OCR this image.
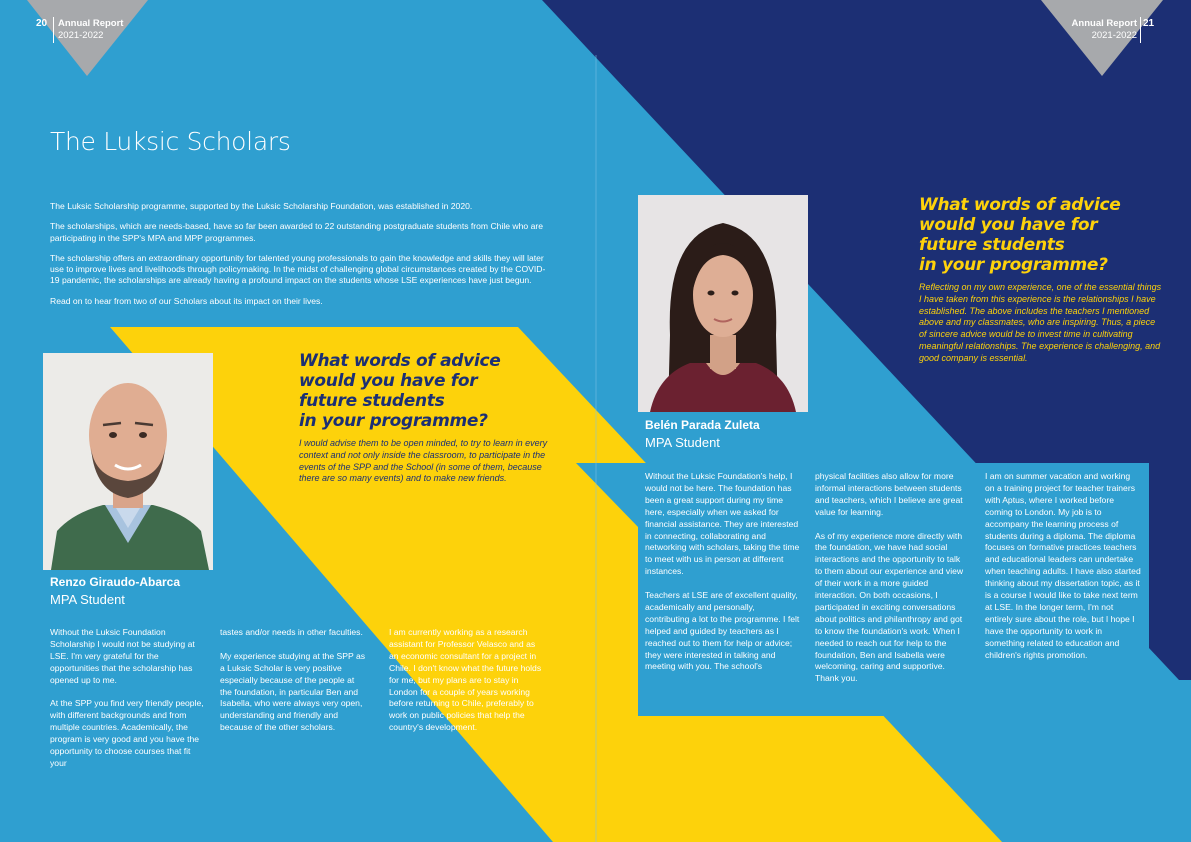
20 Annual Report
2021-2022
Annual Report
2021-2022
21
The Luksic Scholars

The Luksic Scholarship programme, supported by the Luksic Scholarship Foundation, was established in 2020.

The scholarships, which are needs-based, have so far been awarded to 22 outstanding postgraduate students from Chile who are participating in the SPP's MPA and MPP programmes.

The scholarship offers an extraordinary opportunity for talented young professionals to gain the knowledge and skills they will later use to improve lives and livelihoods through policymaking. In the midst of challenging global circumstances created by the COVID-19 pandemic, the scholarships are already having a profound impact on the students whose LSE experiences have just begun.

Read on to hear from two of our Scholars about its impact on their lives.

Renzo Giraudo-Abarca
MPA Student
What words of advice
would you have for
future students
in your programme?
I would advise them to be open minded, to try to learn in every context and not only inside the classroom, to participate in the events of the SPP and the School (in some of them, because there are so many events) and to make new friends.

Without the Luksic Foundation Scholarship I would not be studying at LSE. I'm very grateful for the opportunities that the scholarship has opened up to me.

At the SPP you find very friendly people, with different backgrounds and from multiple countries. Academically, the program is very good and you have the opportunity to choose courses that fit your

tastes and/or needs in other faculties.

My experience studying at the SPP as a Luksic Scholar is very positive especially because of the people at the foundation, in particular Ben and Isabella, who were always very open, understanding and friendly and because of the other scholars.

I am currently working as a research assistant for Professor Velasco and as an economic consultant for a project in Chile. I don't know what the future holds for me, but my plans are to stay in London for a couple of years working before returning to Chile, preferably to work on public policies that help the country's development.

Belén Parada Zuleta
MPA Student
What words of advice
would you have for
future students
in your programme?
Reflecting on my own experience, one of the essential things I have taken from this experience is the relationships I have established. The above includes the teachers I mentioned above and my classmates, who are inspiring. Thus, a piece of sincere advice would be to invest time in cultivating meaningful relationships. The experience is challenging, and good company is essential.

Without the Luksic Foundation's help, I would not be here. The foundation has been a great support during my time here, especially when we asked for financial assistance. They are interested in connecting, collaborating and networking with scholars, taking the time to meet with us in person at different instances.

Teachers at LSE are of excellent quality, academically and personally, contributing a lot to the programme. I felt helped and guided by teachers as I reached out to them for help or advice; they were interested in talking and meeting with you. The school's

physical facilities also allow for more informal interactions between students and teachers, which I believe are great value for learning.

As of my experience more directly with the foundation, we have had social interactions and the opportunity to talk to them about our experience and view of their work in a more guided interaction. On both occasions, I participated in exciting conversations about politics and philanthropy and got to know the foundation's work. When I needed to reach out for help to the foundation, Ben and Isabella were welcoming, caring and supportive. Thank you.

I am on summer vacation and working on a training project for teacher trainers with Aptus, where I worked before coming to London. My job is to accompany the learning process of students during a diploma. The diploma focuses on formative practices teachers and educational leaders can undertake when teaching adults. I have also started thinking about my dissertation topic, as it is a course I would like to take next term at LSE. In the longer term, I'm not entirely sure about the role, but I hope I have the opportunity to work in something related to education and children's rights promotion.
